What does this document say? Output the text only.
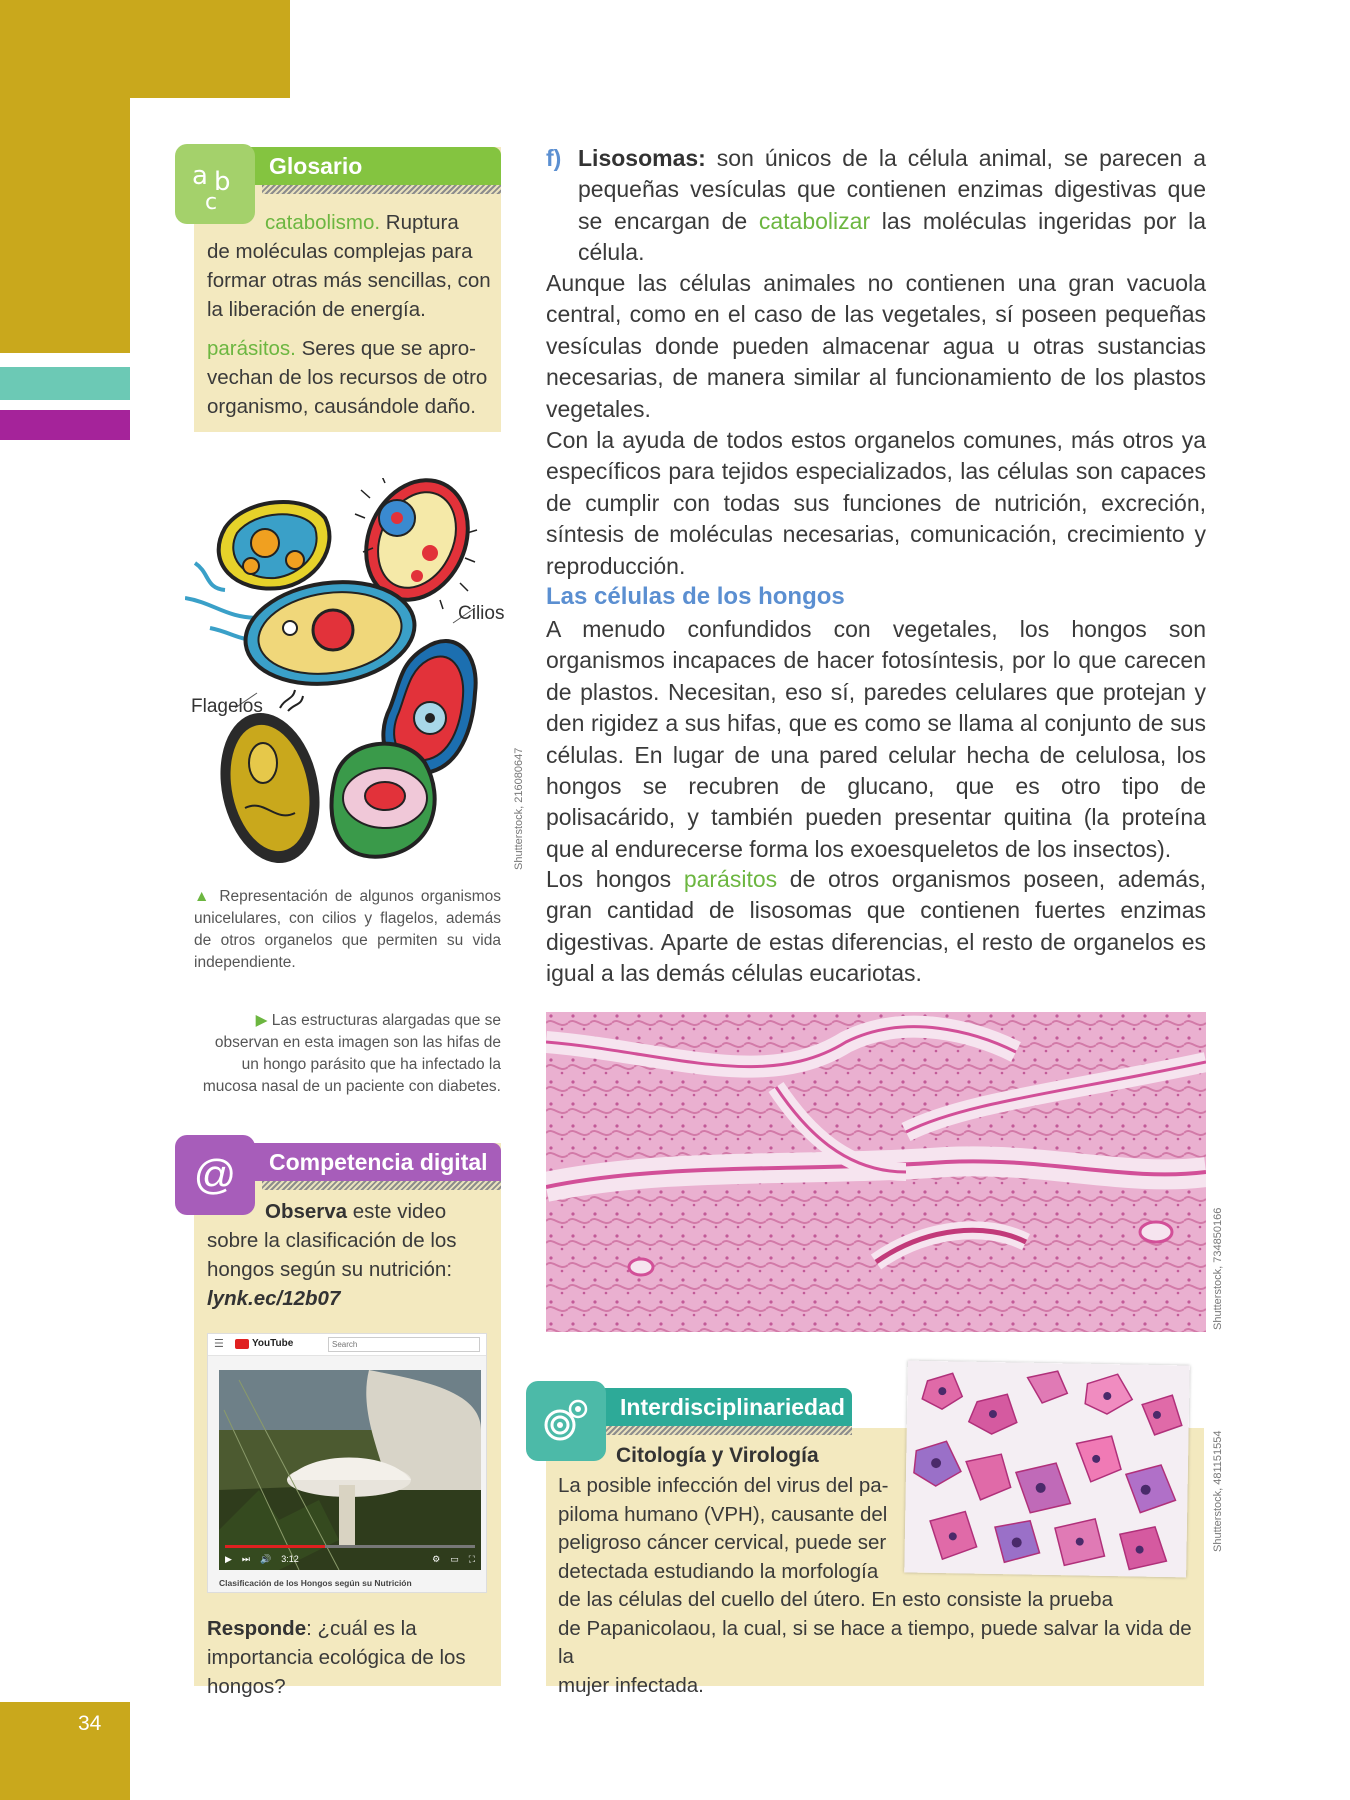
34
Glosario
a b
c
catabolismo. Ruptura
de moléculas complejas para
formar otras más sencillas, con
la liberación de energía.
parásitos. Seres que se apro-
vechan de los recursos de otro
organismo, causándole daño.
Cilios
Flagelos
Shutterstock, 216080647
▲ Representación de algunos organismos unicelulares, con cilios y flagelos, además de otros organelos que permiten su vida independiente.
▶ Las estructuras alargadas que se observan en esta imagen son las hifas de un hongo parásito que ha infectado la mucosa nasal de un paciente con diabetes.
Competencia digital
@
Observa este video sobre la clasificación de los hongos según su nutrición:
lynk.ec/12b07
☰	YouTube
Search
▶ ⏭ 🔊 3:12	⚙ ▭ ⛶
Clasificación de los Hongos según su Nutrición
Responde: ¿cuál es la importancia ecológica de los hongos?
f) Lisosomas: son únicos de la célula animal, se parecen a pequeñas vesículas que contienen enzimas digestivas que se encargan de catabolizar las moléculas ingeridas por la célula.
Aunque las células animales no contienen una gran vacuola central, como en el caso de las vegetales, sí poseen pequeñas vesículas donde pueden almacenar agua u otras sustancias necesarias, de manera similar al funcionamiento de los plastos vegetales.
Con la ayuda de todos estos organelos comunes, más otros ya específicos para tejidos especializados, las células son capaces de cumplir con todas sus funciones de nutrición, excreción, síntesis de moléculas necesarias, comunicación, crecimiento y reproducción.
Las células de los hongos
A menudo confundidos con vegetales, los hongos son organismos incapaces de hacer fotosíntesis, por lo que carecen de plastos. Necesitan, eso sí, paredes celulares que protejan y den rigidez a sus hifas, que es como se llama al conjunto de sus células. En lugar de una pared celular hecha de celulosa, los hongos se recubren de glucano, que es otro tipo de polisacárido, y también pueden presentar quitina (la proteína que al endurecerse forma los exoesqueletos de los insectos).
Los hongos parásitos de otros organismos poseen, además, gran cantidad de lisosomas que contienen fuertes enzimas digestivas. Aparte de estas diferencias, el resto de organelos es igual a las demás células eucariotas.
Shutterstock, 734850166
Interdisciplinariedad
Citología y Virología
La posible infección del virus del pa-
piloma humano (VPH), causante del
peligroso cáncer cervical, puede ser
detectada estudiando la morfología
de las células del cuello del útero. En esto consiste la prueba
de Papanicolaou, la cual, si se hace a tiempo, puede salvar la vida de la
mujer infectada.
Shutterstock, 481151554
